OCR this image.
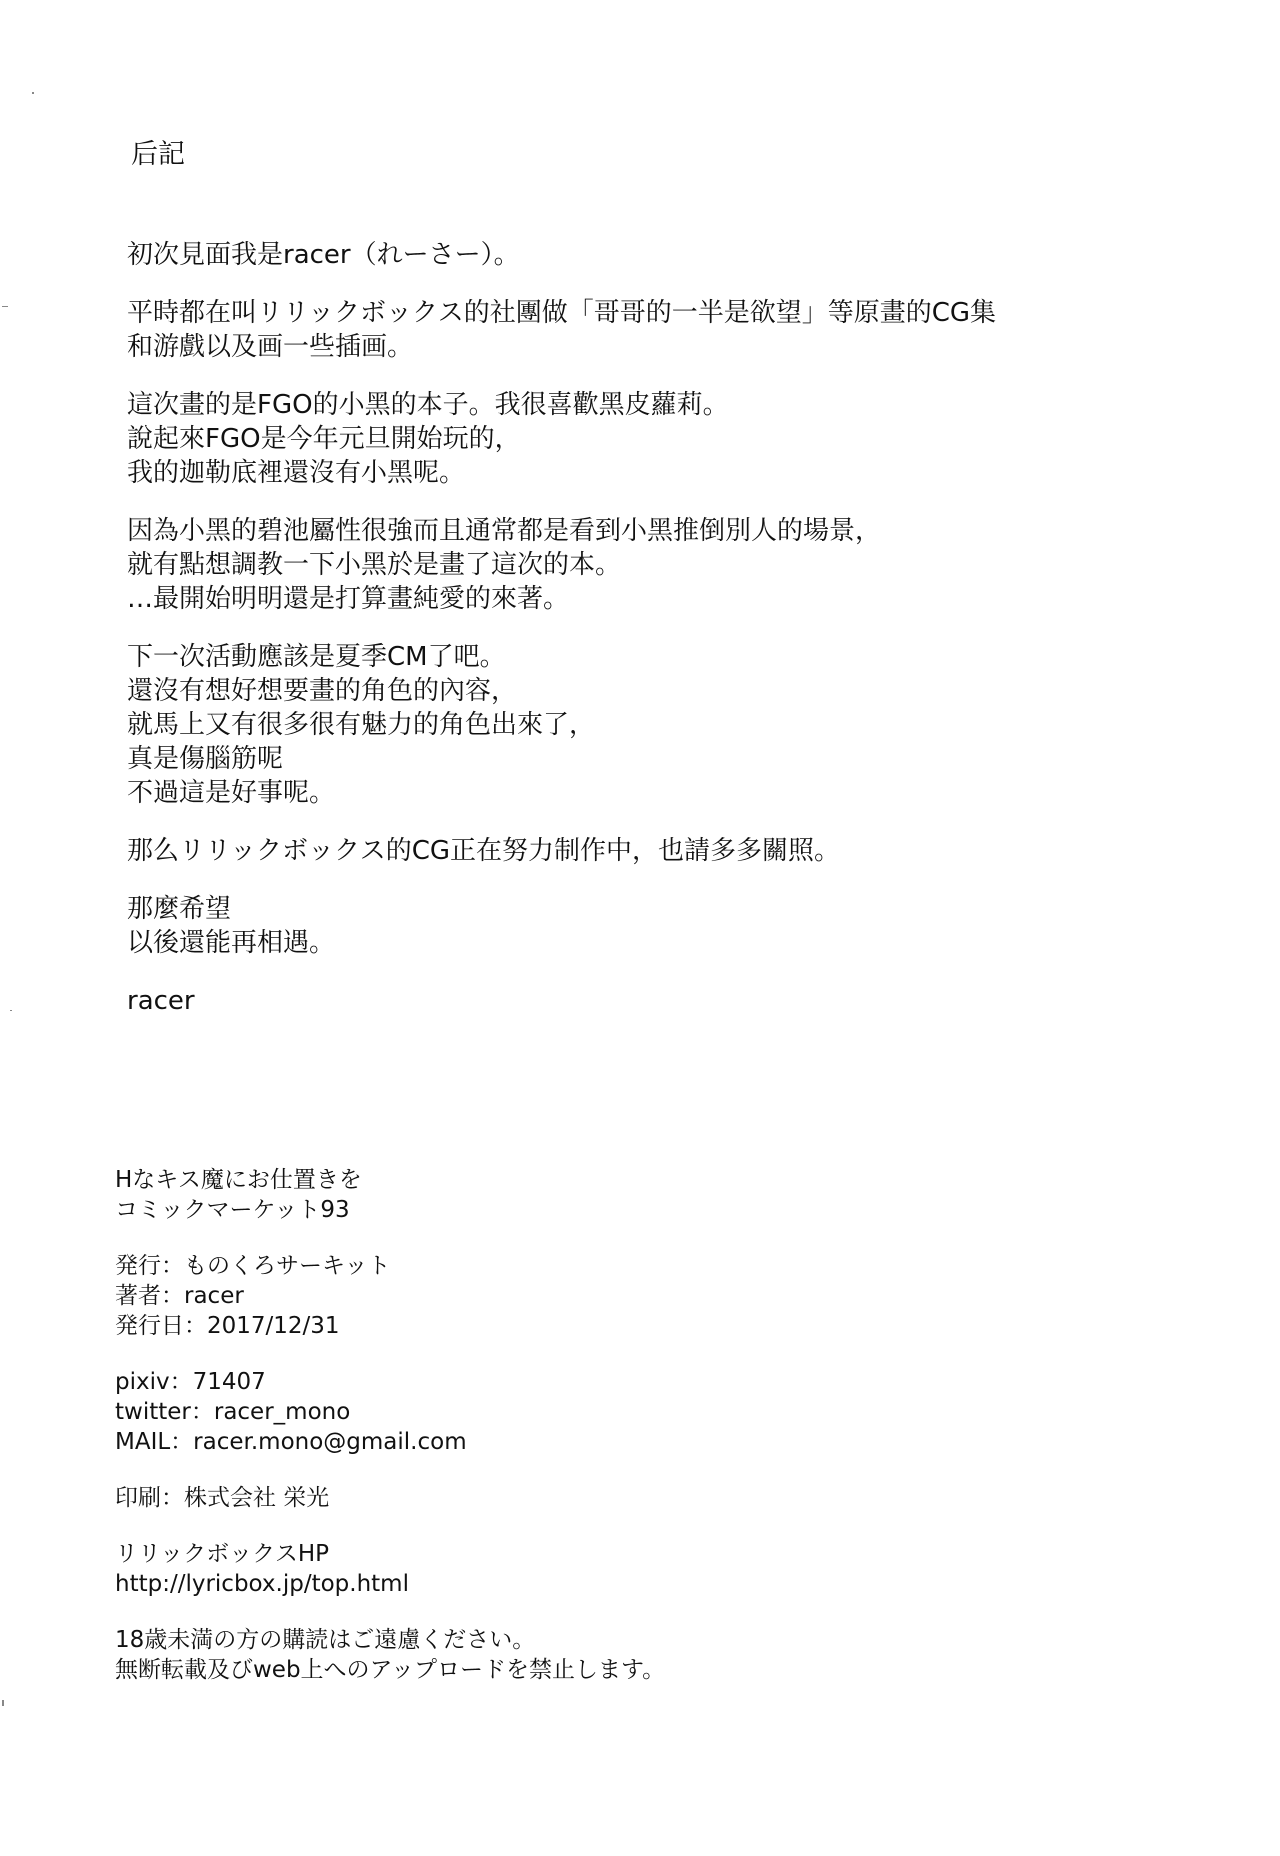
后記
初次見面我是racer（れーさー）。
平時都在叫リリックボックス的社團做「哥哥的一半是欲望」等原畫的CG集
和游戲以及画一些插画。
這次畫的是FGO的小黑的本子。我很喜歡黑皮蘿莉。
說起來FGO是今年元旦開始玩的，
我的迦勒底裡還沒有小黑呢。
因為小黑的碧池屬性很強而且通常都是看到小黑推倒別人的場景，
就有點想調教一下小黑於是畫了這次的本。
…最開始明明還是打算畫純愛的來著。
下一次活動應該是夏季CM了吧。
還沒有想好想要畫的角色的內容，
就馬上又有很多很有魅力的角色出來了，
真是傷腦筋呢
不過這是好事呢。
那么リリックボックス的CG正在努力制作中，也請多多關照。
那麼希望
以後還能再相遇。
racer
Hなキス魔にお仕置きを
コミックマーケット93
発行：ものくろサーキット
著者：racer
発行日：2017/12/31
pixiv：71407
twitter：racer_mono
MAIL：racer.mono@gmail.com
印刷：株式会社 栄光
リリックボックスHP
http://lyricbox.jp/top.html
18歳未満の方の購読はご遠慮ください。
無断転載及びweb上へのアップロードを禁止します。
